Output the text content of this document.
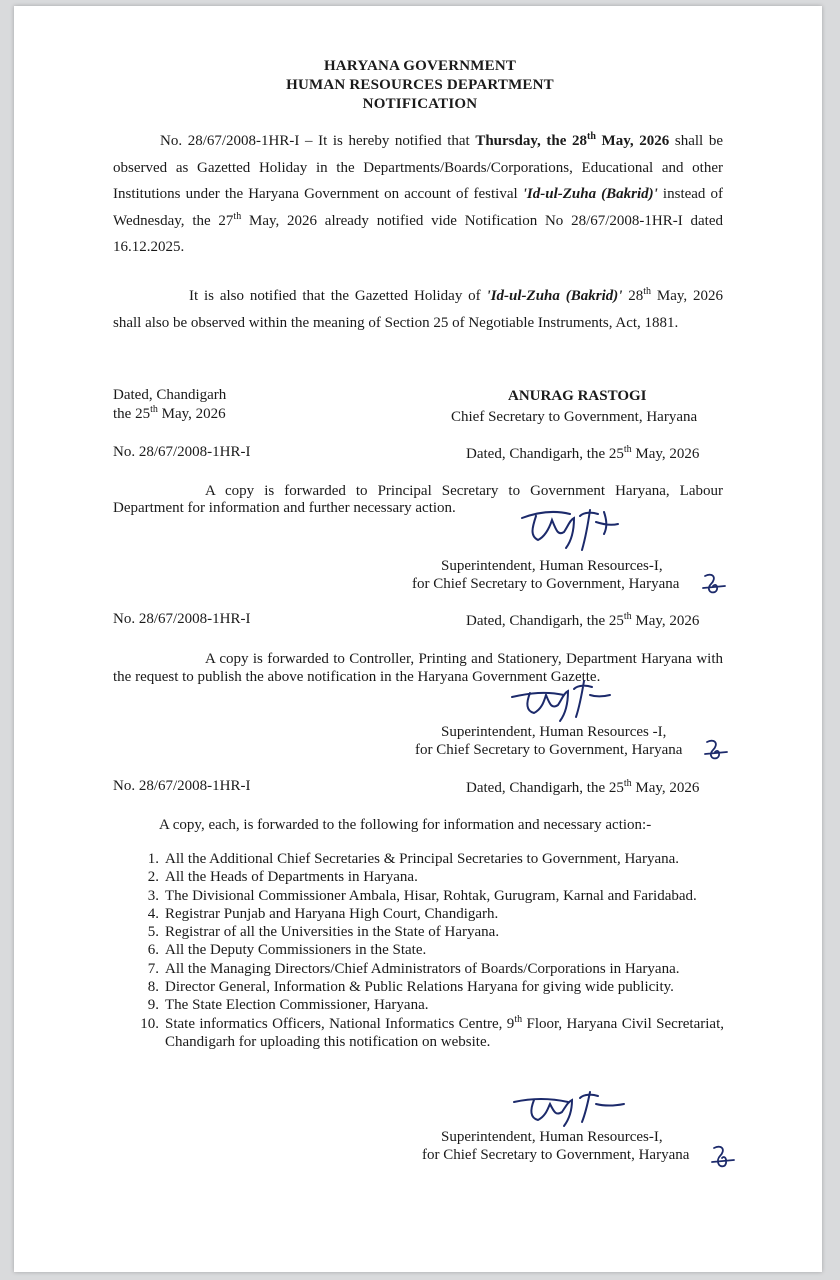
HARYANA GOVERNMENT
HUMAN RESOURCES DEPARTMENT
NOTIFICATION
No. 28/67/2008-1HR-I – It is hereby notified that Thursday, the 28th May, 2026 shall be observed as Gazetted Holiday in the Departments/Boards/Corporations, Educational and other Institutions under the Haryana Government on account of festival 'Id-ul-Zuha (Bakrid)' instead of Wednesday, the 27th May, 2026 already notified vide Notification No 28/67/2008-1HR-I dated 16.12.2025.
It is also notified that the Gazetted Holiday of 'Id-ul-Zuha (Bakrid)' 28th May, 2026 shall also be observed within the meaning of Section 25 of Negotiable Instruments, Act, 1881.
Dated, Chandigarh
the 25th May, 2026
ANURAG RASTOGI
Chief Secretary to Government, Haryana
No. 28/67/2008-1HR-I	Dated, Chandigarh, the 25th May, 2026
A copy is forwarded to Principal Secretary to Government Haryana, Labour Department for information and further necessary action.
Superintendent, Human Resources-I,
for Chief Secretary to Government, Haryana
No. 28/67/2008-1HR-I	Dated, Chandigarh, the 25th May, 2026
A copy is forwarded to Controller, Printing and Stationery, Department Haryana with the request to publish the above notification in the Haryana Government Gazette.
Superintendent, Human Resources -I,
for Chief Secretary to Government, Haryana
No. 28/67/2008-1HR-I	Dated, Chandigarh, the 25th May, 2026
A copy, each, is forwarded to the following for information and necessary action:-
1. All the Additional Chief Secretaries & Principal Secretaries to Government, Haryana.
2. All the Heads of Departments in Haryana.
3. The Divisional Commissioner Ambala, Hisar, Rohtak, Gurugram, Karnal and Faridabad.
4. Registrar Punjab and Haryana High Court, Chandigarh.
5. Registrar of all the Universities in the State of Haryana.
6. All the Deputy Commissioners in the State.
7. All the Managing Directors/Chief Administrators of Boards/Corporations in Haryana.
8. Director General, Information & Public Relations Haryana for giving wide publicity.
9. The State Election Commissioner, Haryana.
10. State informatics Officers, National Informatics Centre, 9th Floor, Haryana Civil Secretariat, Chandigarh for uploading this notification on website.
Superintendent, Human Resources-I,
for Chief Secretary to Government, Haryana
